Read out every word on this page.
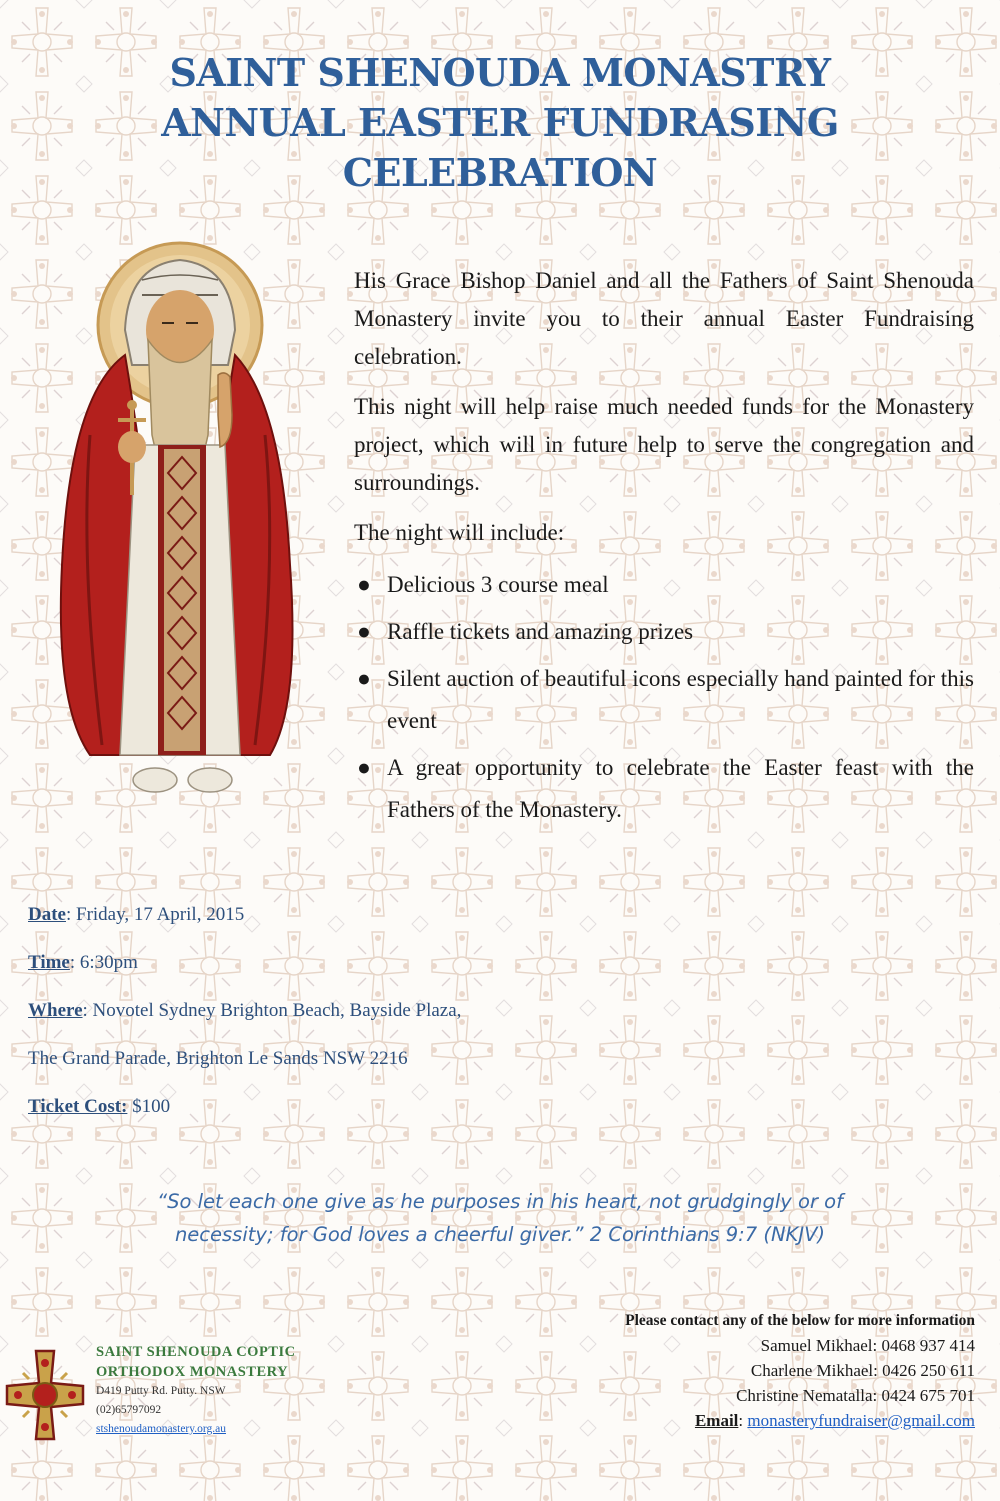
SAINT SHENOUDA MONASTRY
ANNUAL EASTER FUNDRASING
CELEBRATION

His Grace Bishop Daniel and all the Fathers of Saint Shenouda Monastery invite you to their annual Easter Fundraising celebration.

This night will help raise much needed funds for the Monastery project, which will in future help to serve the congregation and surroundings.

The night will include:

● Delicious 3 course meal
● Raffle tickets and amazing prizes
● Silent auction of beautiful icons especially hand painted for this event
● A great opportunity to celebrate the Easter feast with the Fathers of the Monastery.
Date: Friday, 17 April, 2015
Time: 6:30pm
Where: Novotel Sydney Brighton Beach, Bayside Plaza,
The Grand Parade, Brighton Le Sands NSW 2216
Ticket Cost: $100
“So let each one give as he purposes in his heart, not grudgingly or of
necessity; for God loves a cheerful giver.” 2 Corinthians 9:7 (NKJV)
SAINT SHENOUDA COPTIC
ORTHODOX MONASTERY
D419 Putty Rd. Putty. NSW
(02)65797092
stshenoudamonastery.org.au
Please contact any of the below for more information
Samuel Mikhael: 0468 937 414
Charlene Mikhael: 0426 250 611
Christine Nematalla: 0424 675 701
Email: monasteryfundraiser@gmail.com
